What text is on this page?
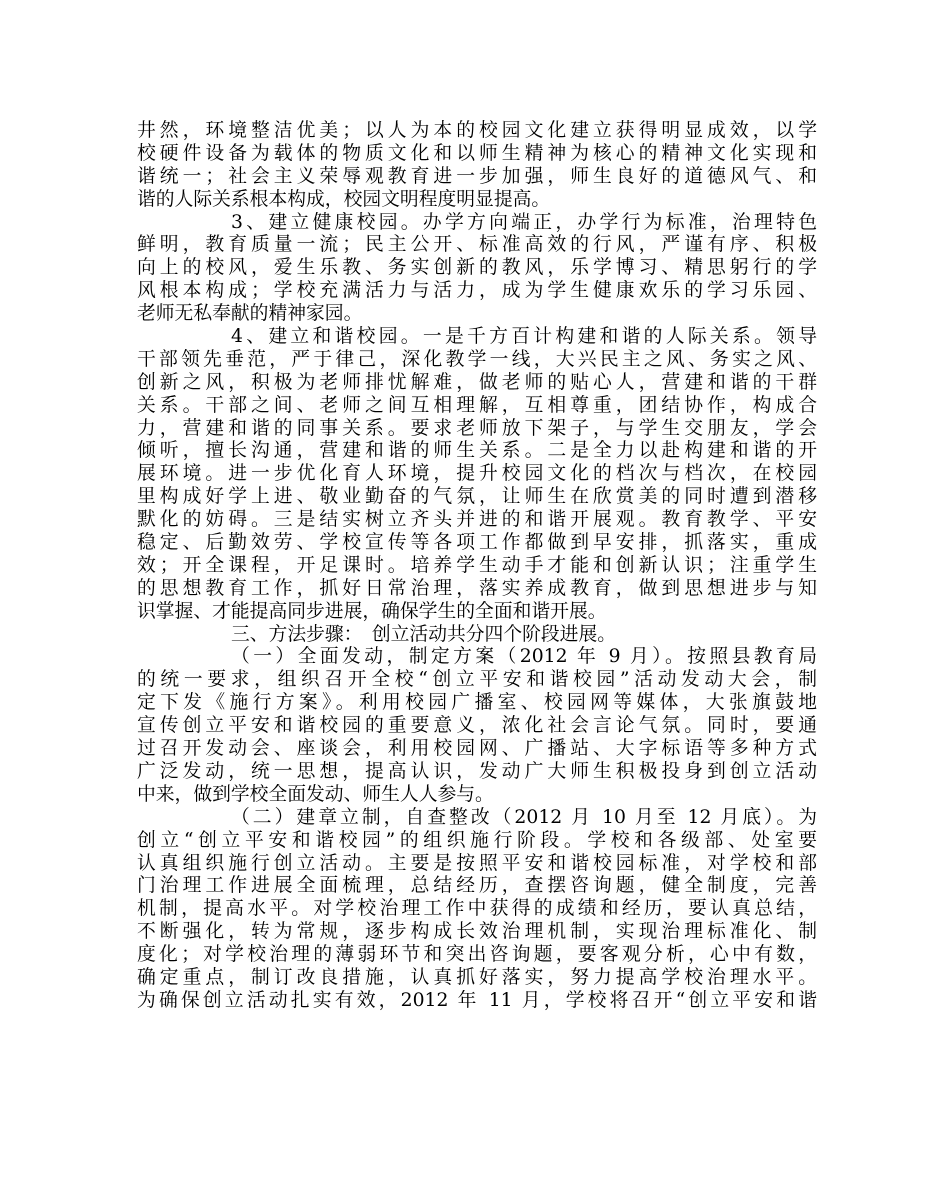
井然，环境整洁优美；以人为本的校园文化建立获得明显成效，以学
校硬件设备为载体的物质文化和以师生精神为核心的精神文化实现和
谐统一；社会主义荣辱观教育进一步加强，师生良好的道德风气、和
谐的人际关系根本构成，校园文明程度明显提高。
3、建立健康校园。办学方向端正，办学行为标准，治理特色
鲜明，教育质量一流；民主公开、标准高效的行风，严谨有序、积极
向上的校风，爱生乐教、务实创新的教风，乐学博习、精思躬行的学
风根本构成；学校充满活力与活力，成为学生健康欢乐的学习乐园、
老师无私奉献的精神家园。
4、建立和谐校园。一是千方百计构建和谐的人际关系。领导
干部领先垂范，严于律己，深化教学一线，大兴民主之风、务实之风、
创新之风，积极为老师排忧解难，做老师的贴心人，营建和谐的干群
关系。干部之间、老师之间互相理解，互相尊重，团结协作，构成合
力，营建和谐的同事关系。要求老师放下架子，与学生交朋友，学会
倾听，擅长沟通，营建和谐的师生关系。二是全力以赴构建和谐的开
展环境。进一步优化育人环境，提升校园文化的档次与档次，在校园
里构成好学上进、敬业勤奋的气氛，让师生在欣赏美的同时遭到潜移
默化的妨碍。三是结实树立齐头并进的和谐开展观。教育教学、平安
稳定、后勤效劳、学校宣传等各项工作都做到早安排，抓落实，重成
效；开全课程，开足课时。培养学生动手才能和创新认识；注重学生
的思想教育工作，抓好日常治理，落实养成教育，做到思想进步与知
识掌握、才能提高同步进展，确保学生的全面和谐开展。
三、方法步骤：　创立活动共分四个阶段进展。
（一）全面发动，制定方案（2012 年 9 月）。按照县教育局
的统一要求，组织召开全校“创立平安和谐校园”活动发动大会，制
定下发《施行方案》。利用校园广播室、校园网等媒体，大张旗鼓地
宣传创立平安和谐校园的重要意义，浓化社会言论气氛。同时，要通
过召开发动会、座谈会，利用校园网、广播站、大字标语等多种方式
广泛发动，统一思想，提高认识，发动广大师生积极投身到创立活动
中来，做到学校全面发动、师生人人参与。
（二）建章立制，自查整改（2012 月 10 月至 12 月底）。为
创立“创立平安和谐校园”的组织施行阶段。学校和各级部、处室要
认真组织施行创立活动。主要是按照平安和谐校园标准，对学校和部
门治理工作进展全面梳理，总结经历，查摆咨询题，健全制度，完善
机制，提高水平。对学校治理工作中获得的成绩和经历，要认真总结，
不断强化，转为常规，逐步构成长效治理机制，实现治理标准化、制
度化；对学校治理的薄弱环节和突出咨询题，要客观分析，心中有数，
确定重点，制订改良措施，认真抓好落实，努力提高学校治理水平。
为确保创立活动扎实有效，2012 年 11 月，学校将召开“创立平安和谐
